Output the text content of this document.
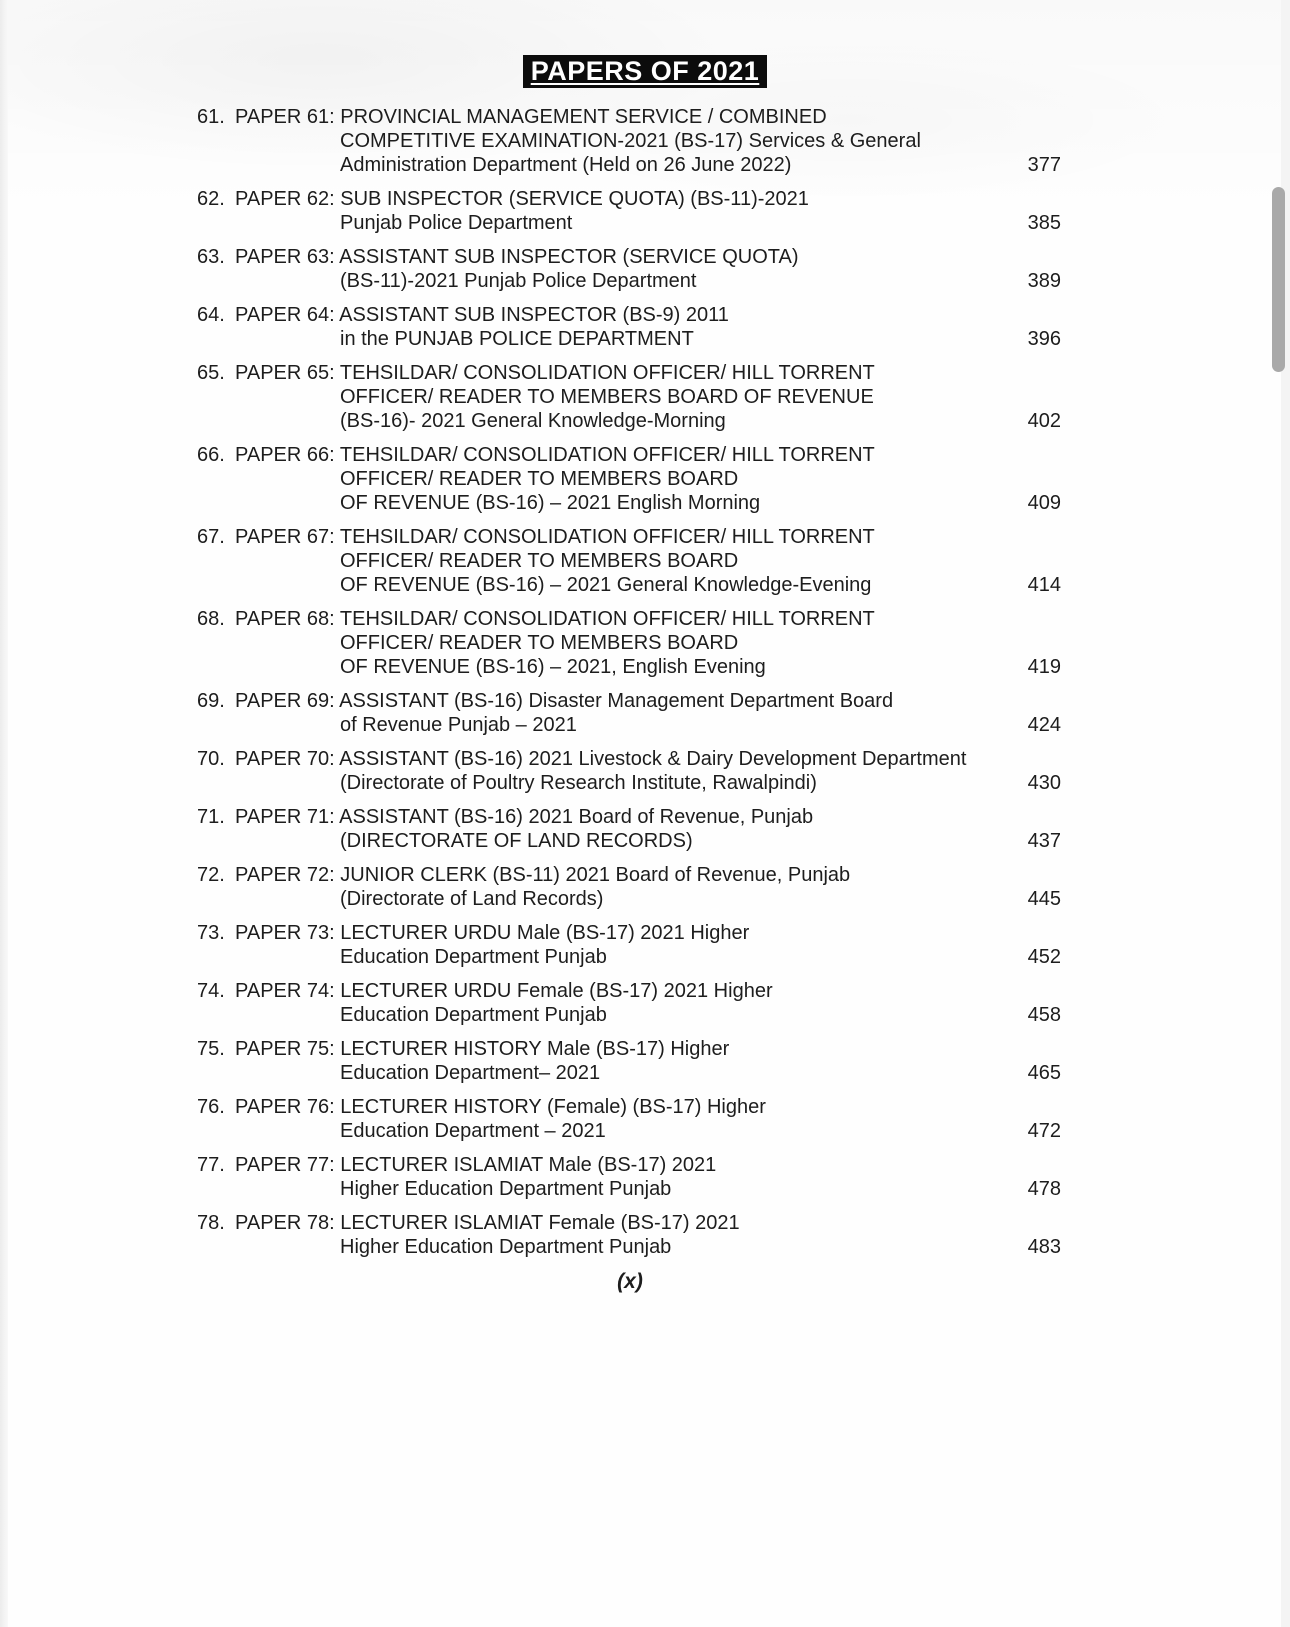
PAPERS OF 2021
61. PAPER 61: PROVINCIAL MANAGEMENT SERVICE / COMBINED
COMPETITIVE EXAMINATION-2021 (BS-17) Services & General
Administration Department (Held on 26 June 2022)	377
62. PAPER 62: SUB INSPECTOR (SERVICE QUOTA) (BS-11)-2021
Punjab Police Department	385
63. PAPER 63: ASSISTANT SUB INSPECTOR (SERVICE QUOTA)
(BS-11)-2021 Punjab Police Department	389
64. PAPER 64: ASSISTANT SUB INSPECTOR (BS-9) 2011
in the PUNJAB POLICE DEPARTMENT	396
65. PAPER 65: TEHSILDAR/ CONSOLIDATION OFFICER/ HILL TORRENT
OFFICER/ READER TO MEMBERS BOARD OF REVENUE
(BS-16)- 2021 General Knowledge-Morning	402
66. PAPER 66: TEHSILDAR/ CONSOLIDATION OFFICER/ HILL TORRENT
OFFICER/ READER TO MEMBERS BOARD
OF REVENUE (BS-16) – 2021 English Morning	409
67. PAPER 67: TEHSILDAR/ CONSOLIDATION OFFICER/ HILL TORRENT
OFFICER/ READER TO MEMBERS BOARD
OF REVENUE (BS-16) – 2021 General Knowledge-Evening	414
68. PAPER 68: TEHSILDAR/ CONSOLIDATION OFFICER/ HILL TORRENT
OFFICER/ READER TO MEMBERS BOARD
OF REVENUE (BS-16) – 2021, English Evening	419
69. PAPER 69: ASSISTANT (BS-16) Disaster Management Department Board
of Revenue Punjab – 2021	424
70. PAPER 70: ASSISTANT (BS-16) 2021 Livestock & Dairy Development Department
(Directorate of Poultry Research Institute, Rawalpindi)	430
71. PAPER 71: ASSISTANT (BS-16) 2021 Board of Revenue, Punjab
(DIRECTORATE OF LAND RECORDS)	437
72. PAPER 72: JUNIOR CLERK (BS-11) 2021 Board of Revenue, Punjab
(Directorate of Land Records)	445
73. PAPER 73: LECTURER URDU Male (BS-17) 2021 Higher
Education Department Punjab	452
74. PAPER 74: LECTURER URDU Female (BS-17) 2021 Higher
Education Department Punjab	458
75. PAPER 75: LECTURER HISTORY Male (BS-17) Higher
Education Department– 2021	465
76. PAPER 76: LECTURER HISTORY (Female) (BS-17) Higher
Education Department – 2021	472
77. PAPER 77: LECTURER ISLAMIAT Male (BS-17) 2021
Higher Education Department Punjab	478
78. PAPER 78: LECTURER ISLAMIAT Female (BS-17) 2021
Higher Education Department Punjab	483
(x)
